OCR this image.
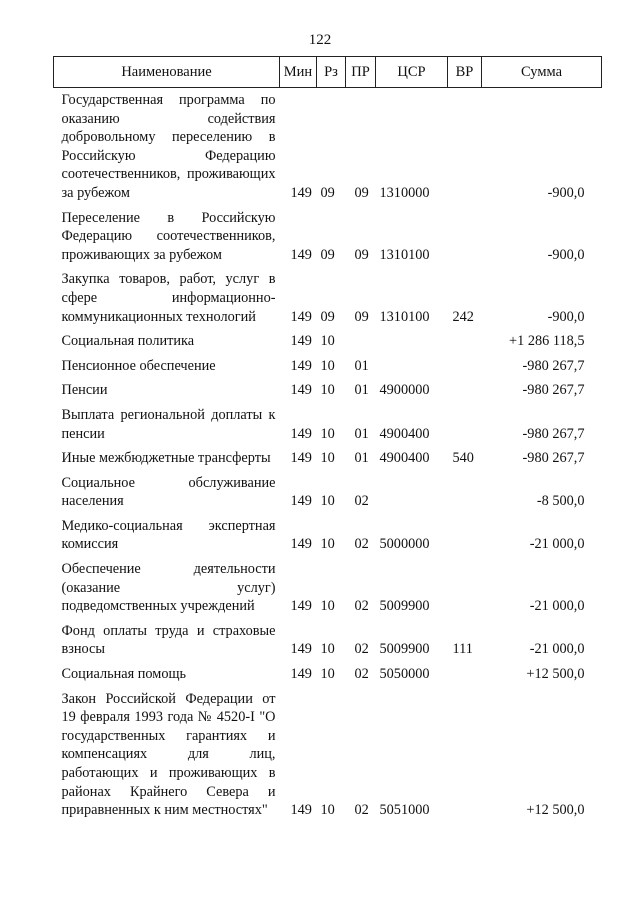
122
Наименование	Мин	Рз	ПР	ЦСР	ВР	Сумма
Государственная программа по оказанию содействия добровольному переселению в Российскую Федерацию соотечественников, проживающих за рубежом	149	09	09	1310000		-900,0
Переселение в Российскую Федерацию соотечественников, проживающих за рубежом	149	09	09	1310100		-900,0
Закупка товаров, работ, услуг в сфере информационно-коммуникационных технологий	149	09	09	1310100	242	-900,0
Социальная политика	149	10				+1 286 118,5
Пенсионное обеспечение	149	10	01			-980 267,7
Пенсии	149	10	01	4900000		-980 267,7
Выплата региональной доплаты к пенсии	149	10	01	4900400		-980 267,7
Иные межбюджетные трансферты	149	10	01	4900400	540	-980 267,7
Социальное обслуживание населения	149	10	02			-8 500,0
Медико-социальная экспертная комиссия	149	10	02	5000000		-21 000,0
Обеспечение деятельности (оказание услуг) подведомственных учреждений	149	10	02	5009900		-21 000,0
Фонд оплаты труда и страховые взносы	149	10	02	5009900	111	-21 000,0
Социальная помощь	149	10	02	5050000		+12 500,0
Закон Российской Федерации от 19 февраля 1993 года № 4520-I "О государственных гарантиях и компенсациях для лиц, работающих и проживающих в районах Крайнего Севера и приравненных к ним местностях"	149	10	02	5051000		+12 500,0
